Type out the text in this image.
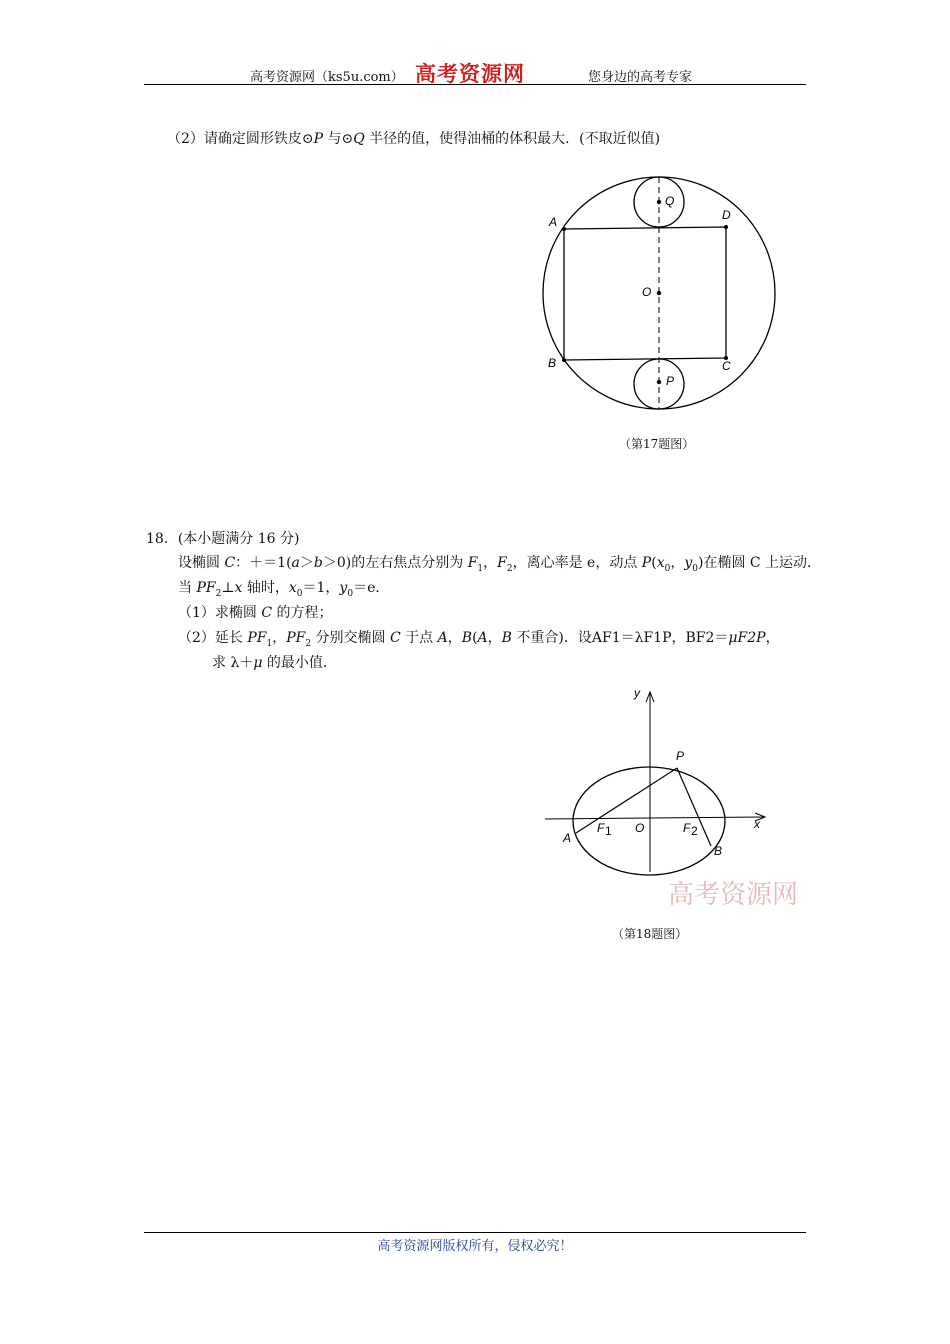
高考资源网（ks5u.com） 高考资源网	您身边的高考专家
（2）请确定圆形铁皮⊙P 与⊙Q 半径的值，使得油桶的体积最大．(不取近似值)
A	D
B	C
O
Q
P
（第17题图）
18．(本小题满分 16 分)
设椭圆 C：＋＝1(a＞b＞0)的左右焦点分别为 $F_1$，$F_2$，离心率是 e，动点 $P(x_0$，$y_0$)在椭圆 C 上运动．
当 $PF_2\perp x$ 轴时，$x_0=1$，$y_0=e$．
（1）求椭圆 C 的方程；
（2）延长 $PF_1$，$PF_2$ 分别交椭圆 C 于点 A，B(A，B 不重合)．设AF1＝λF1P，BF2＝μF2P，
求 λ＋μ 的最小值．
高考资源网
y
x
P
A
B
O
F 1	F 2
（第18题图）
高考资源网版权所有，侵权必究！
